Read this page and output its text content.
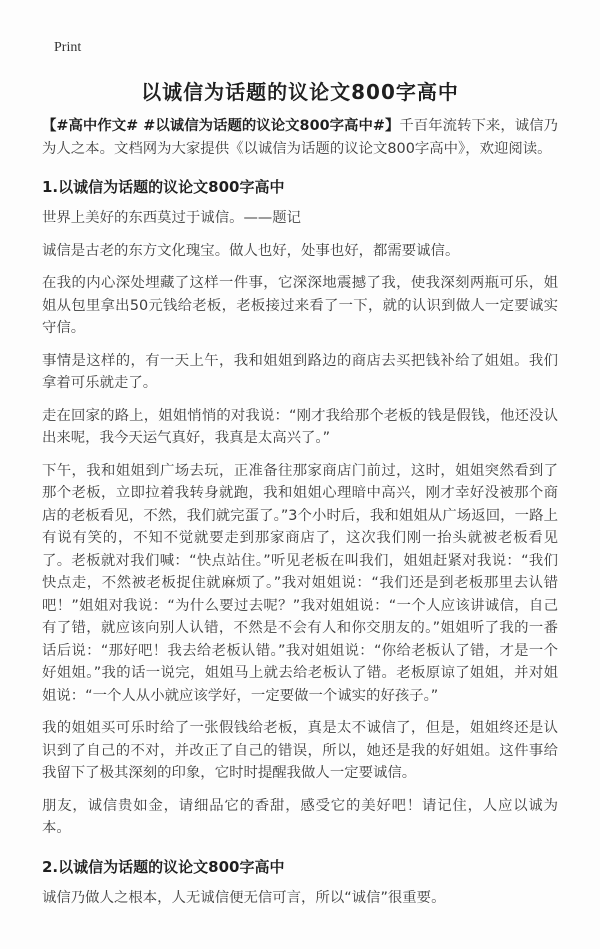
Print
以诚信为话题的议论文800字高中

【#高中作文# #以诚信为话题的议论文800字高中#】千百年流转下来，诚信乃为人之本。文档网为大家提供《以诚信为话题的议论文800字高中》，欢迎阅读。

1.以诚信为话题的议论文800字高中

世界上美好的东西莫过于诚信。——题记

诚信是古老的东方文化瑰宝。做人也好，处事也好，都需要诚信。

在我的内心深处埋藏了这样一件事，它深深地震撼了我，使我深刻两瓶可乐，姐姐从包里拿出50元钱给老板，老板接过来看了一下，就的认识到做人一定要诚实守信。

事情是这样的，有一天上午，我和姐姐到路边的商店去买把钱补给了姐姐。我们拿着可乐就走了。

走在回家的路上，姐姐悄悄的对我说：“刚才我给那个老板的钱是假钱，他还没认出来呢，我今天运气真好，我真是太高兴了。”

下午，我和姐姐到广场去玩，正准备往那家商店门前过，这时，姐姐突然看到了那个老板，立即拉着我转身就跑，我和姐姐心理暗中高兴，刚才幸好没被那个商店的老板看见，不然，我们就完蛋了。”3个小时后，我和姐姐从广场返回，一路上有说有笑的，不知不觉就要走到那家商店了，这次我们刚一抬头就被老板看见了。老板就对我们喊：“快点站住。”听见老板在叫我们，姐姐赶紧对我说：“我们快点走，不然被老板捉住就麻烦了。”我对姐姐说：“我们还是到老板那里去认错吧！”姐姐对我说：“为什么要过去呢？”我对姐姐说：“一个人应该讲诚信，自己有了错，就应该向别人认错，不然是不会有人和你交朋友的。”姐姐听了我的一番话后说：“那好吧！我去给老板认错。”我对姐姐说：“你给老板认了错，才是一个好姐姐。”我的话一说完，姐姐马上就去给老板认了错。老板原谅了姐姐，并对姐姐说：“一个人从小就应该学好，一定要做一个诚实的好孩子。”

我的姐姐买可乐时给了一张假钱给老板，真是太不诚信了，但是，姐姐终还是认识到了自己的不对，并改正了自己的错误，所以，她还是我的好姐姐。这件事给我留下了极其深刻的印象，它时时提醒我做人一定要诚信。

朋友，诚信贵如金，请细品它的香甜，感受它的美好吧！请记住，人应以诚为本。

2.以诚信为话题的议论文800字高中

诚信乃做人之根本，人无诚信便无信可言，所以“诚信”很重要。
